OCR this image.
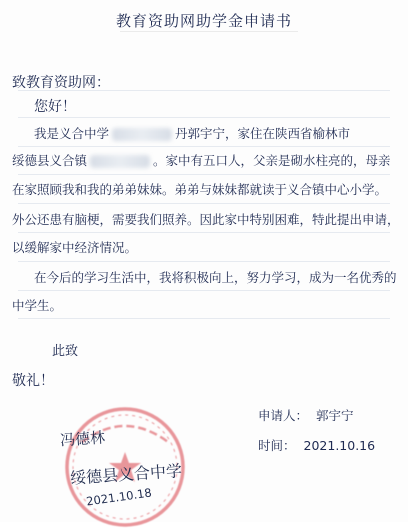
教育资助网助学金申请书
致教育资助网：
您好！
我是义合中学	丹郭宇宁，家住在陕西省榆林市
绥德县义合镇	。家中有五口人，父亲是砌水柱亮的，母亲
在家照顾我和我的弟弟妹妹。弟弟与妹妹都就读于义合镇中心小学。
外公还患有脑梗，需要我们照养。因此家中特别困难，特此提出申请，
以缓解家中经济情况。
在今后的学习生活中，我将积极向上，努力学习，成为一名优秀的
中学生。
此致
敬礼！
申请人： 郭宇宁
时间： 2021.10.16
冯德林
绥德县义合中学
2021.10.18
